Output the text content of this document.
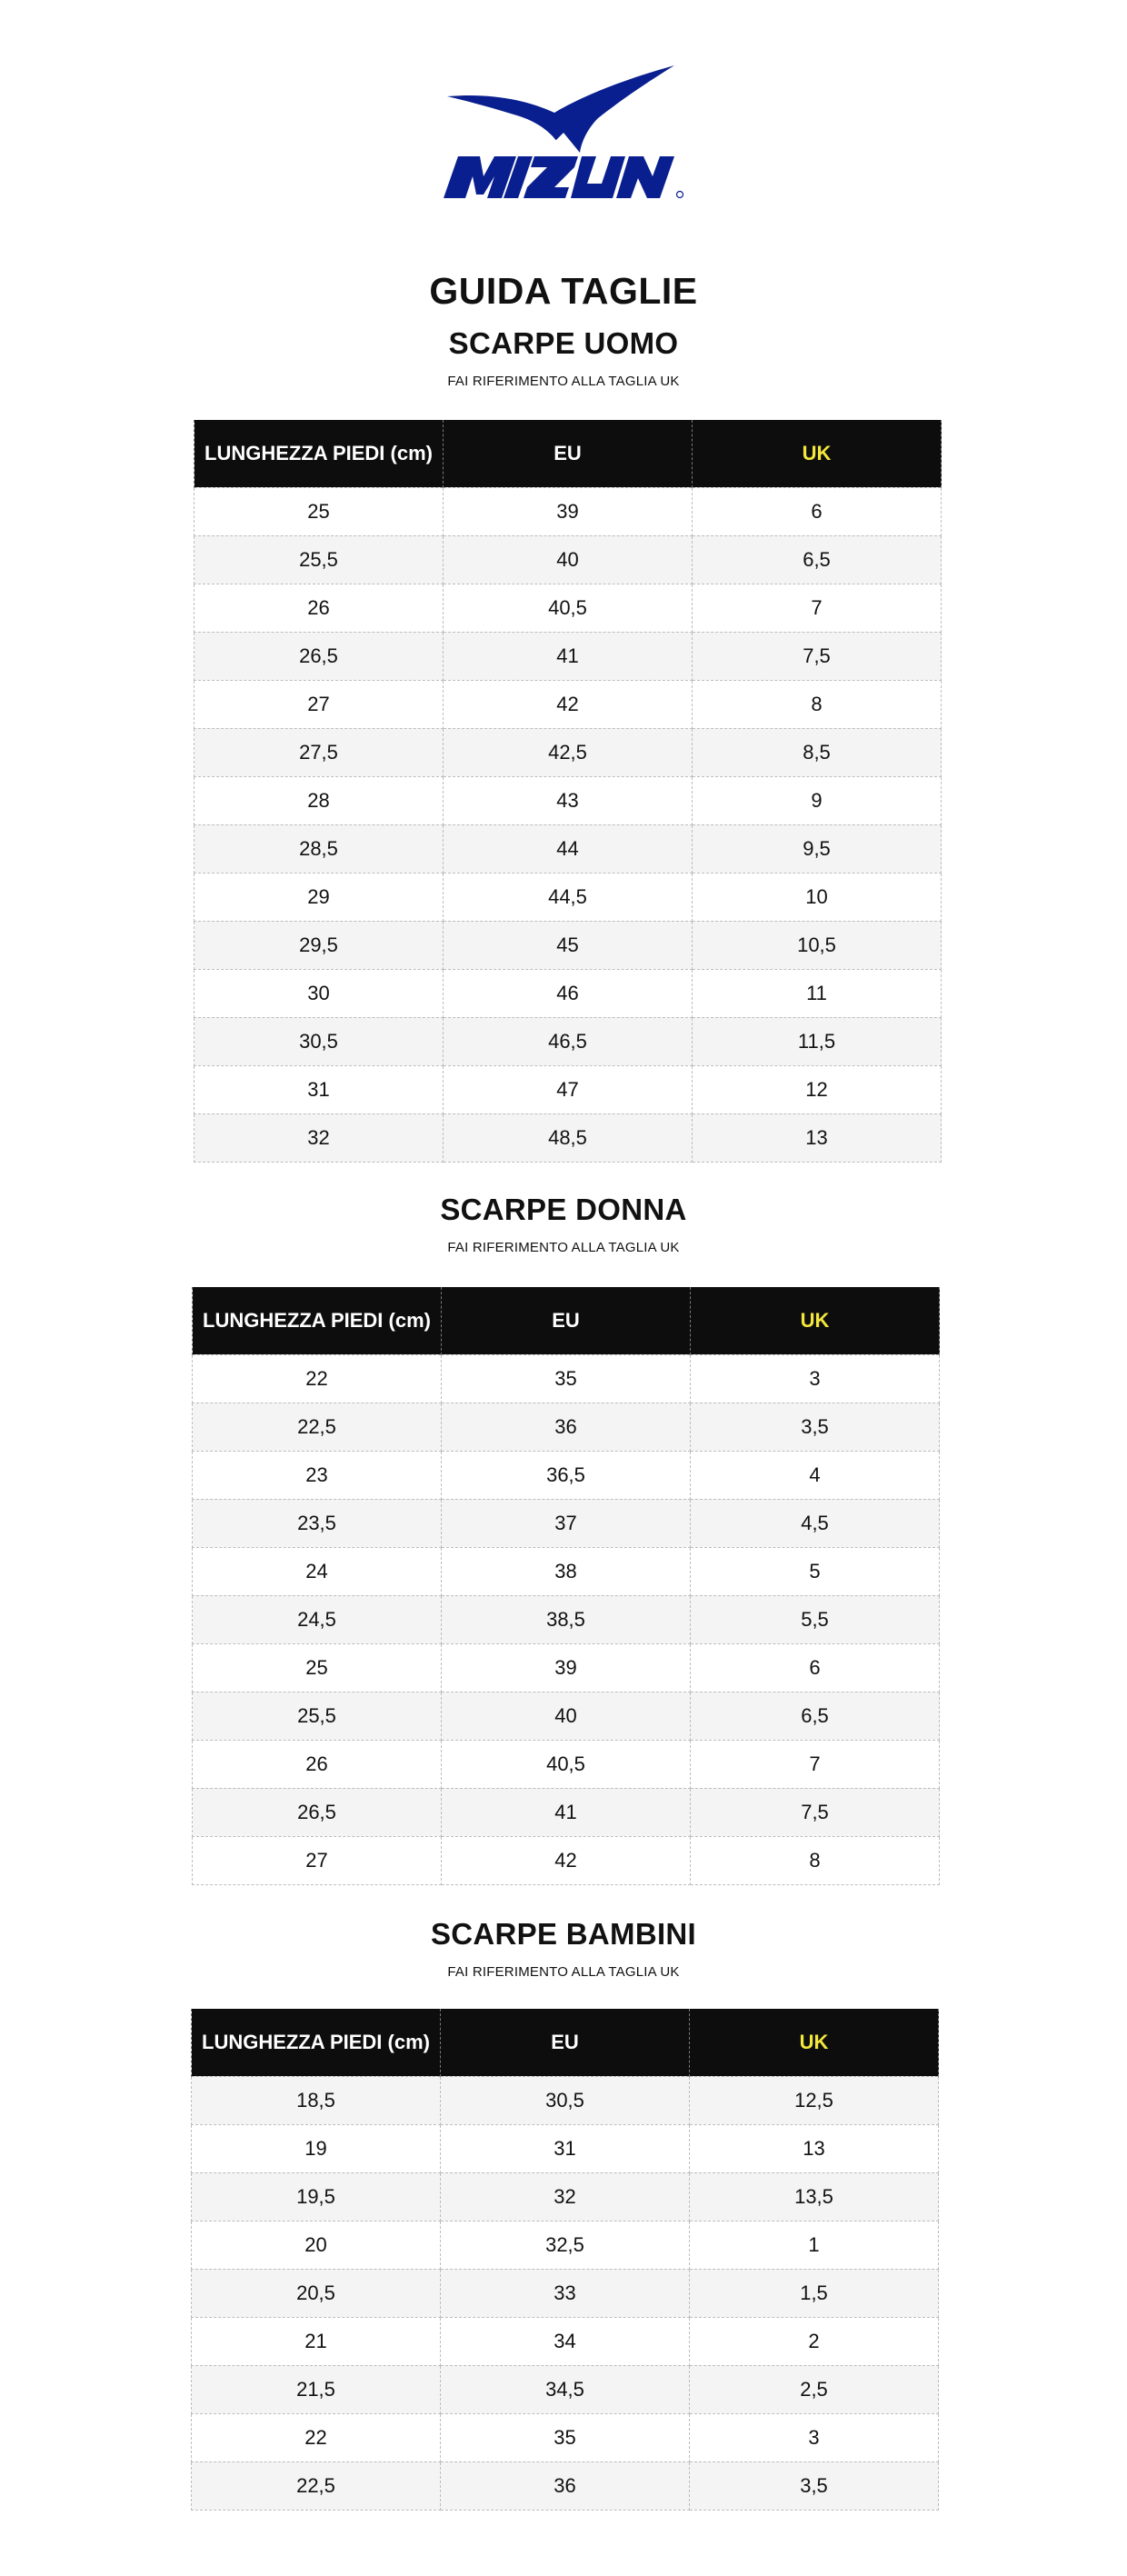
GUIDA TAGLIE
SCARPE UOMO
FAI RIFERIMENTO ALLA TAGLIA UK
LUNGHEZZA PIEDI (cm)	EU	UK
25	39	6
25,5	40	6,5
26	40,5	7
26,5	41	7,5
27	42	8
27,5	42,5	8,5
28	43	9
28,5	44	9,5
29	44,5	10
29,5	45	10,5
30	46	11
30,5	46,5	11,5
31	47	12
32	48,5	13
SCARPE DONNA
FAI RIFERIMENTO ALLA TAGLIA UK
LUNGHEZZA PIEDI (cm)	EU	UK
22	35	3
22,5	36	3,5
23	36,5	4
23,5	37	4,5
24	38	5
24,5	38,5	5,5
25	39	6
25,5	40	6,5
26	40,5	7
26,5	41	7,5
27	42	8
SCARPE BAMBINI
FAI RIFERIMENTO ALLA TAGLIA UK
LUNGHEZZA PIEDI (cm)	EU	UK
18,5	30,5	12,5
19	31	13
19,5	32	13,5
20	32,5	1
20,5	33	1,5
21	34	2
21,5	34,5	2,5
22	35	3
22,5	36	3,5
